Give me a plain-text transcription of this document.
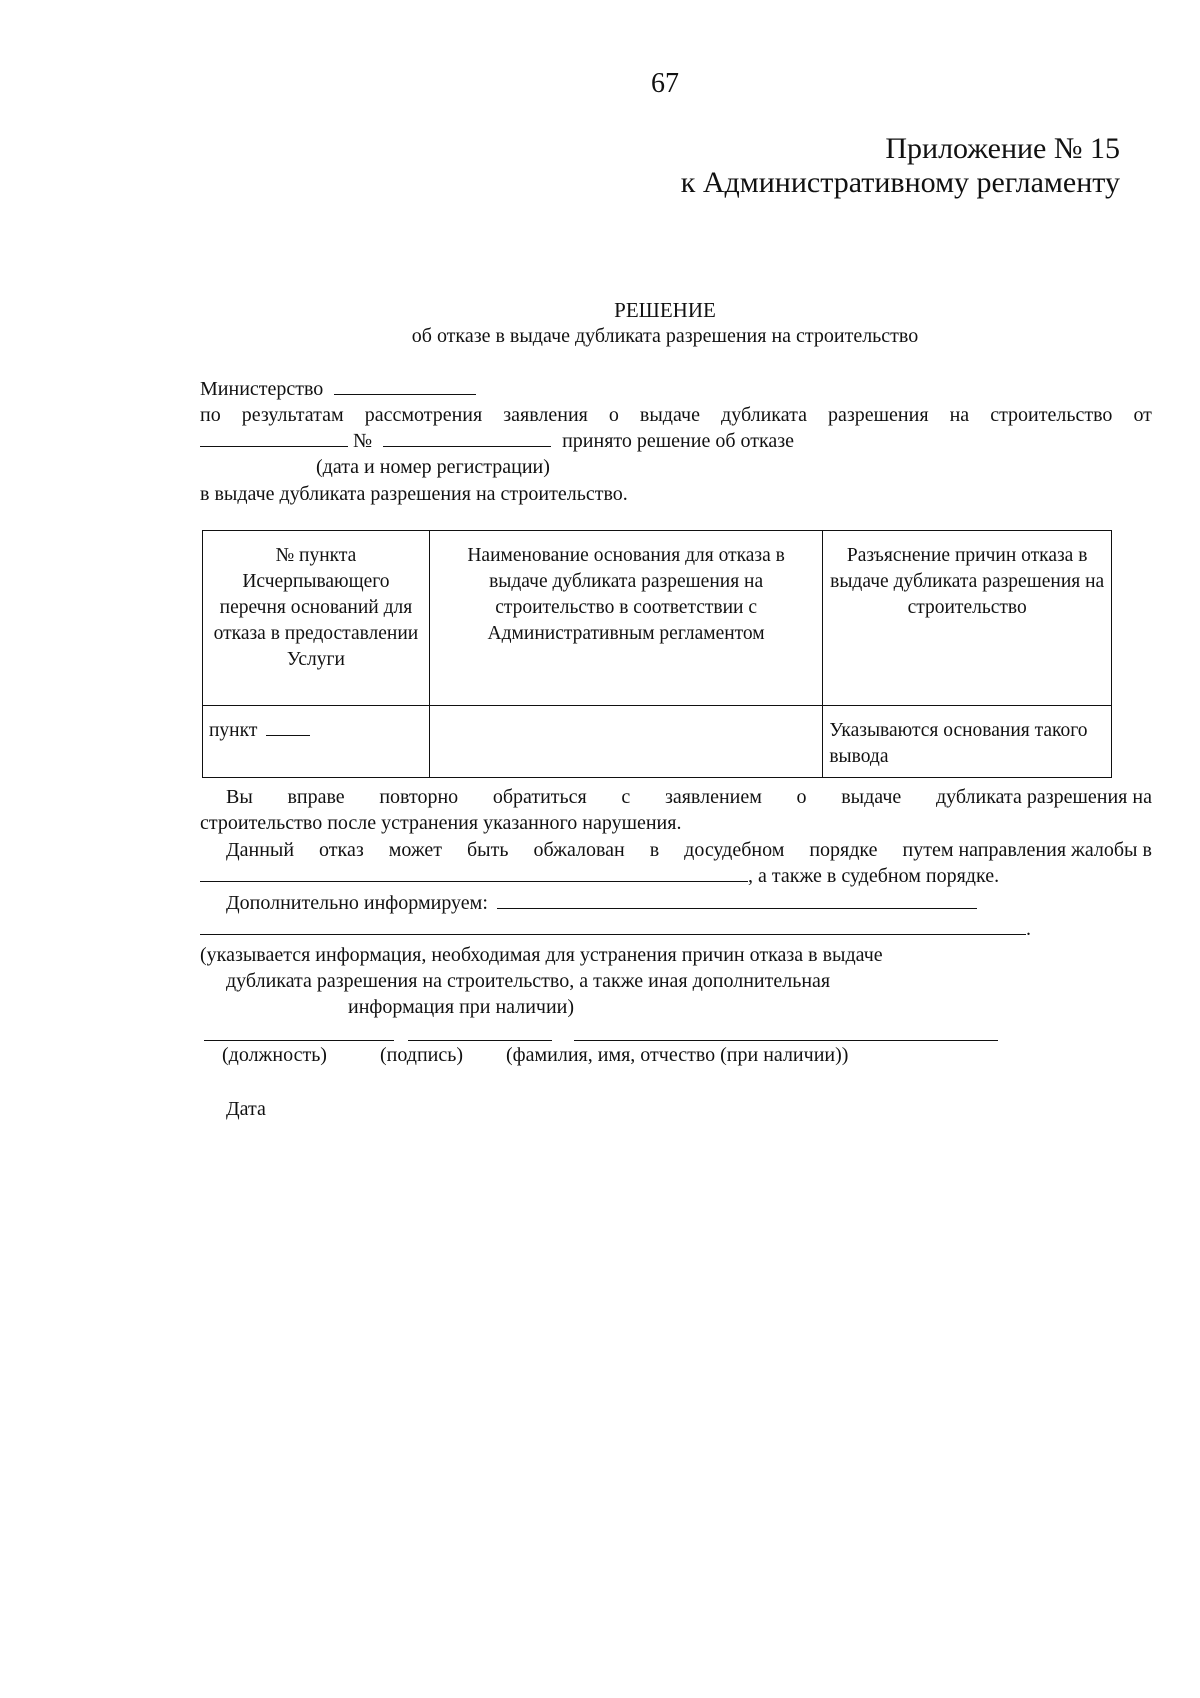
67
Приложение № 15
к Административному регламенту
РЕШЕНИЕ
об отказе в выдаче дубликата разрешения на строительство
Министерство
по результатам рассмотрения заявления о выдаче дубликата разрешения на строительство от
№	принято решение об отказе
(дата и номер регистрации)
в выдаче дубликата разрешения на строительство.
№ пункта Исчерпывающего перечня оснований для отказа в предоставлении Услуги	Наименование основания для отказа в выдаче дубликата разрешения на строительство в соответствии с Административным регламентом	Разъяснение причин отказа в выдаче дубликата разрешения на строительство
пункт		Указываются основания такого вывода
Вы вправе повторно обратиться с заявлением о выдаче дубликата разрешения на
строительство после устранения указанного нарушения.
Данный отказ может быть обжалован в досудебном порядке путем направления жалобы в
, а также в судебном порядке.
Дополнительно информируем:
.
(указывается информация, необходимая для устранения причин отказа в выдаче
дубликата разрешения на строительство, а также иная дополнительная
информация при наличии)
(должность)	(подпись) (фамилия, имя, отчество (при наличии))
Дата
